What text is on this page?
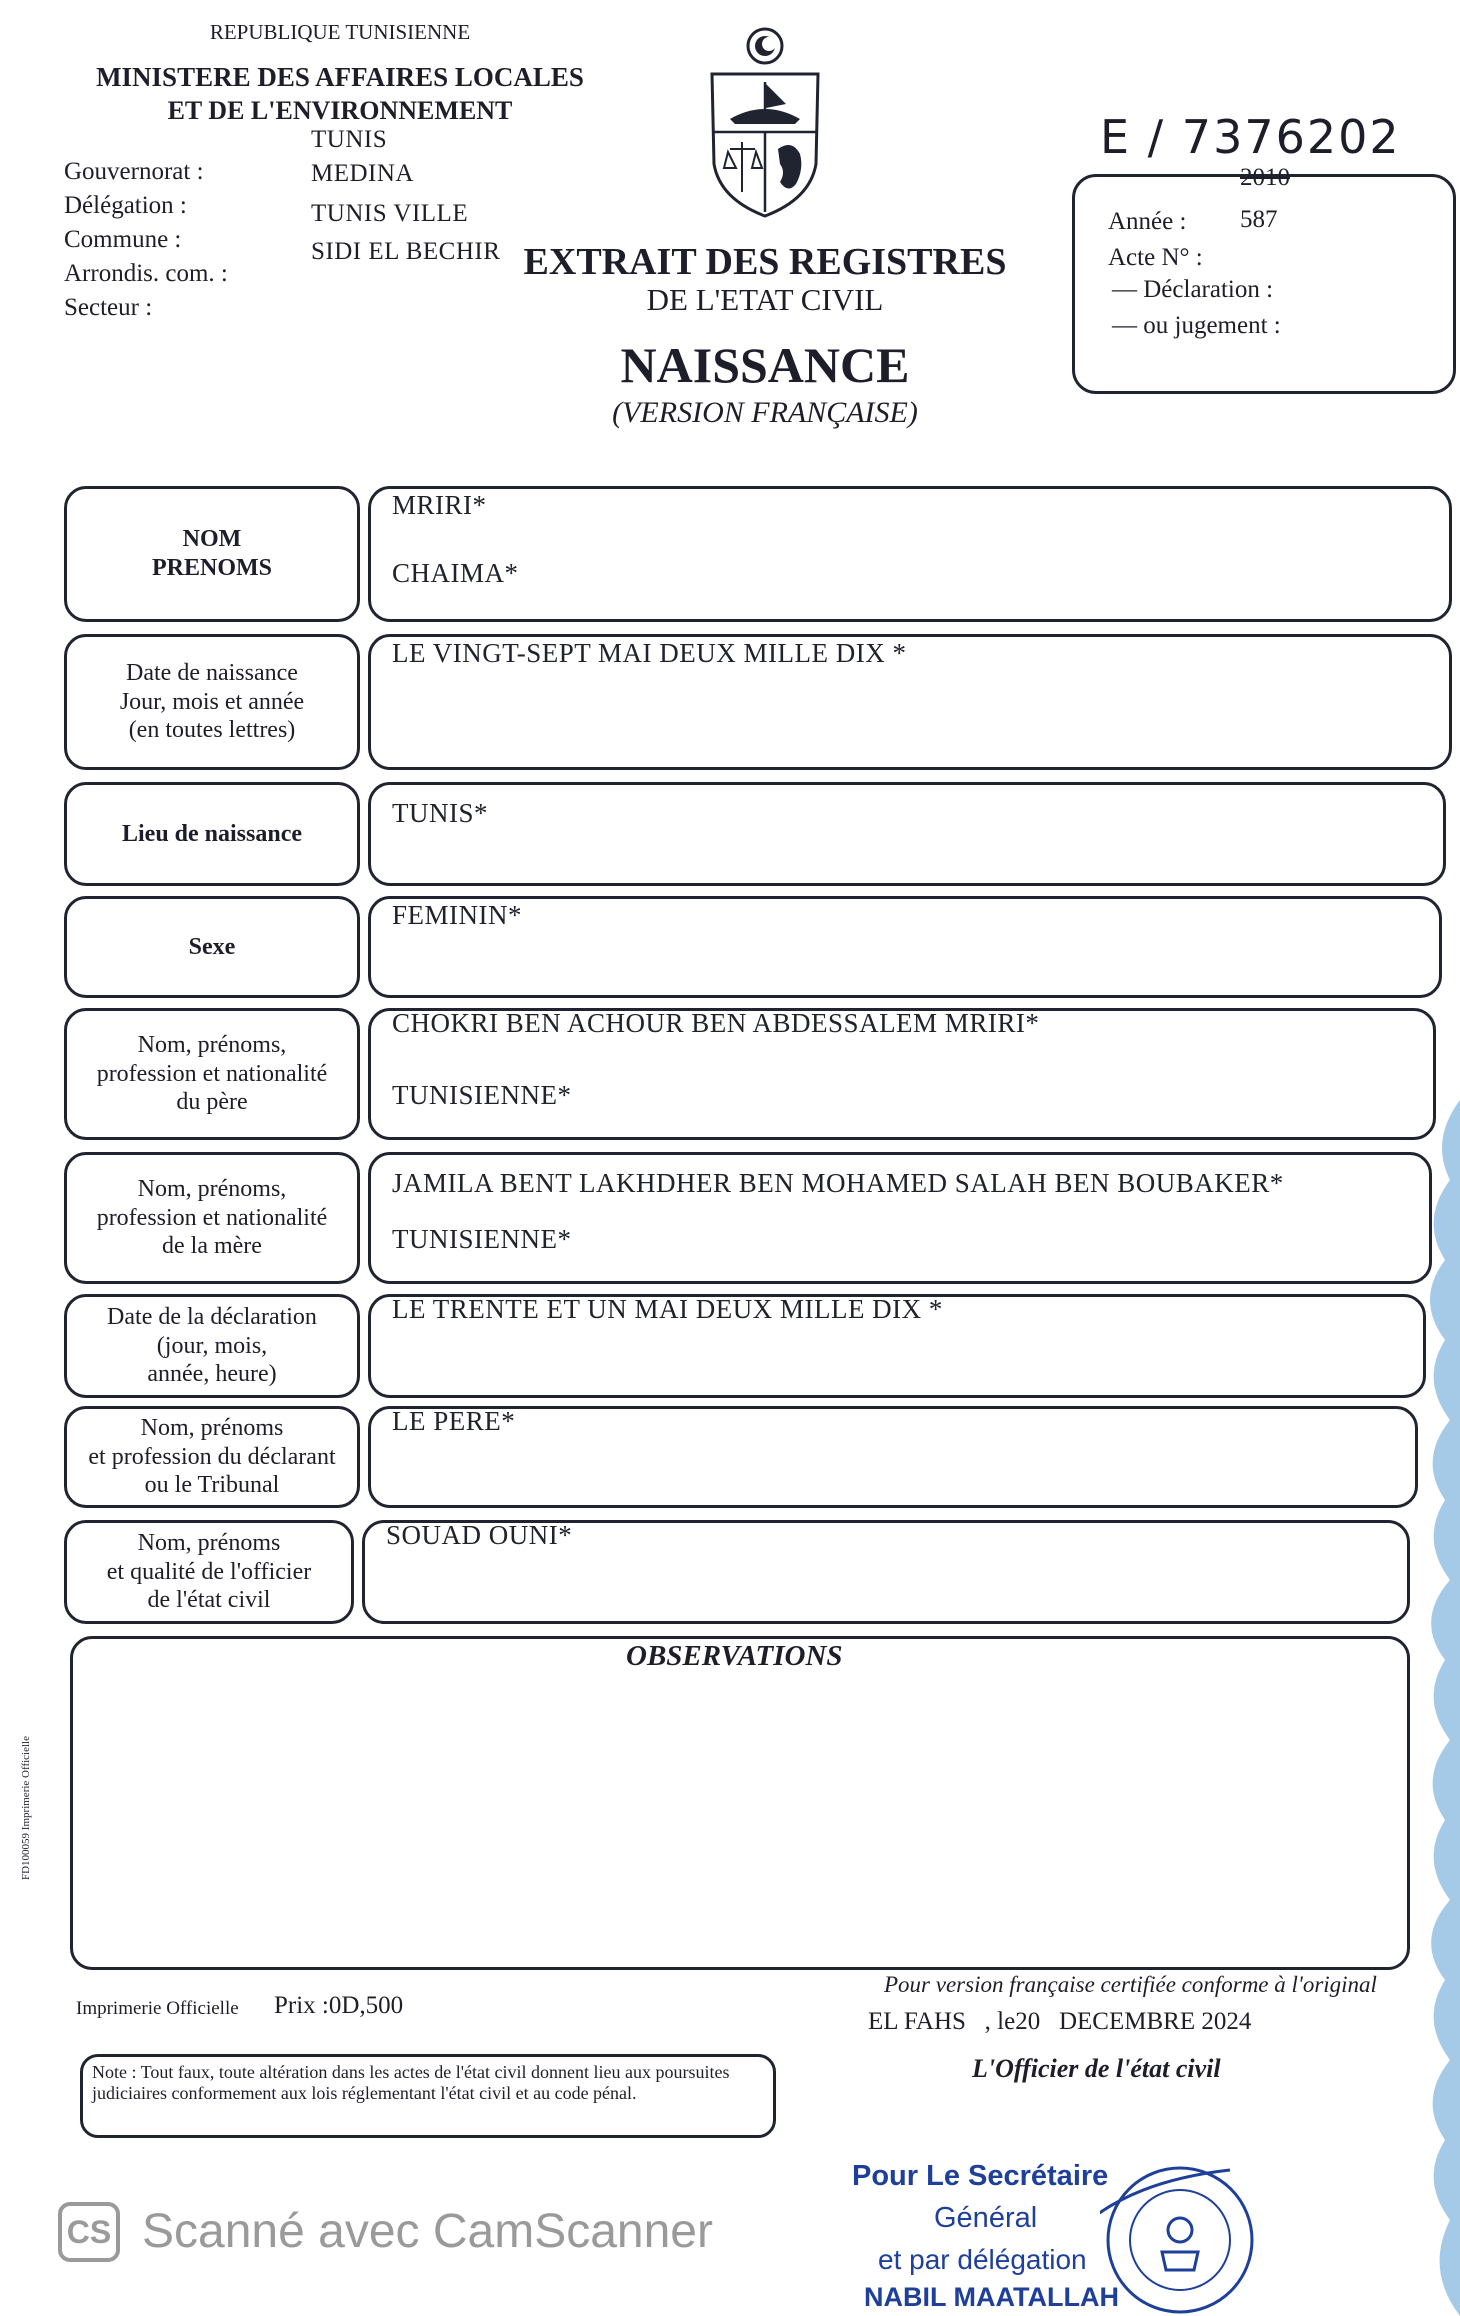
REPUBLIQUE TUNISIENNE
MINISTERE DES AFFAIRES LOCALES
ET DE L'ENVIRONNEMENT
Gouvernorat :
Délégation :
Commune :
Arrondis. com. :
Secteur :
TUNIS
MEDINA
TUNIS VILLE
SIDI EL BECHIR EXTRAIT DES REGISTRES
DE L'ETAT CIVIL
NAISSANCE
(VERSION FRANÇAISE)
E / 7376202
2010
Année : 587
Acte N° :
— Déclaration :
— ou jugement :
NOM
PRENOMS
MRIRI*
CHAIMA*
Date de naissance
Jour, mois et année
(en toutes lettres)
LE VINGT-SEPT MAI DEUX MILLE DIX *
Lieu de naissance
TUNIS*
Sexe
FEMININ*
Nom, prénoms,
profession et nationalité
du père
CHOKRI BEN ACHOUR BEN ABDESSALEM MRIRI*
TUNISIENNE*
Nom, prénoms,
profession et nationalité
de la mère
JAMILA BENT LAKHDHER BEN MOHAMED SALAH BEN BOUBAKER*
TUNISIENNE*
Date de la déclaration
(jour, mois,
année, heure)
LE TRENTE ET UN MAI DEUX MILLE DIX *
Nom, prénoms
et profession du déclarant
ou le Tribunal
LE PERE*
Nom, prénoms
et qualité de l'officier
de l'état civil
SOUAD OUNI*
OBSERVATIONS
FD100059 Imprimerie Officielle
Imprimerie Officielle Prix :0D,500
Note : Tout faux, toute altération dans les actes de l'état civil donnent lieu aux poursuites judiciaires conformement aux lois réglementant l'état civil et au code pénal.
Pour version française certifiée conforme à l'original
EL FAHS   , le20   DECEMBRE 2024
L'Officier de l'état civil
Pour Le Secrétaire
Général
et par délégation
NABIL MAATALLAH
CS Scanné avec CamScanner
